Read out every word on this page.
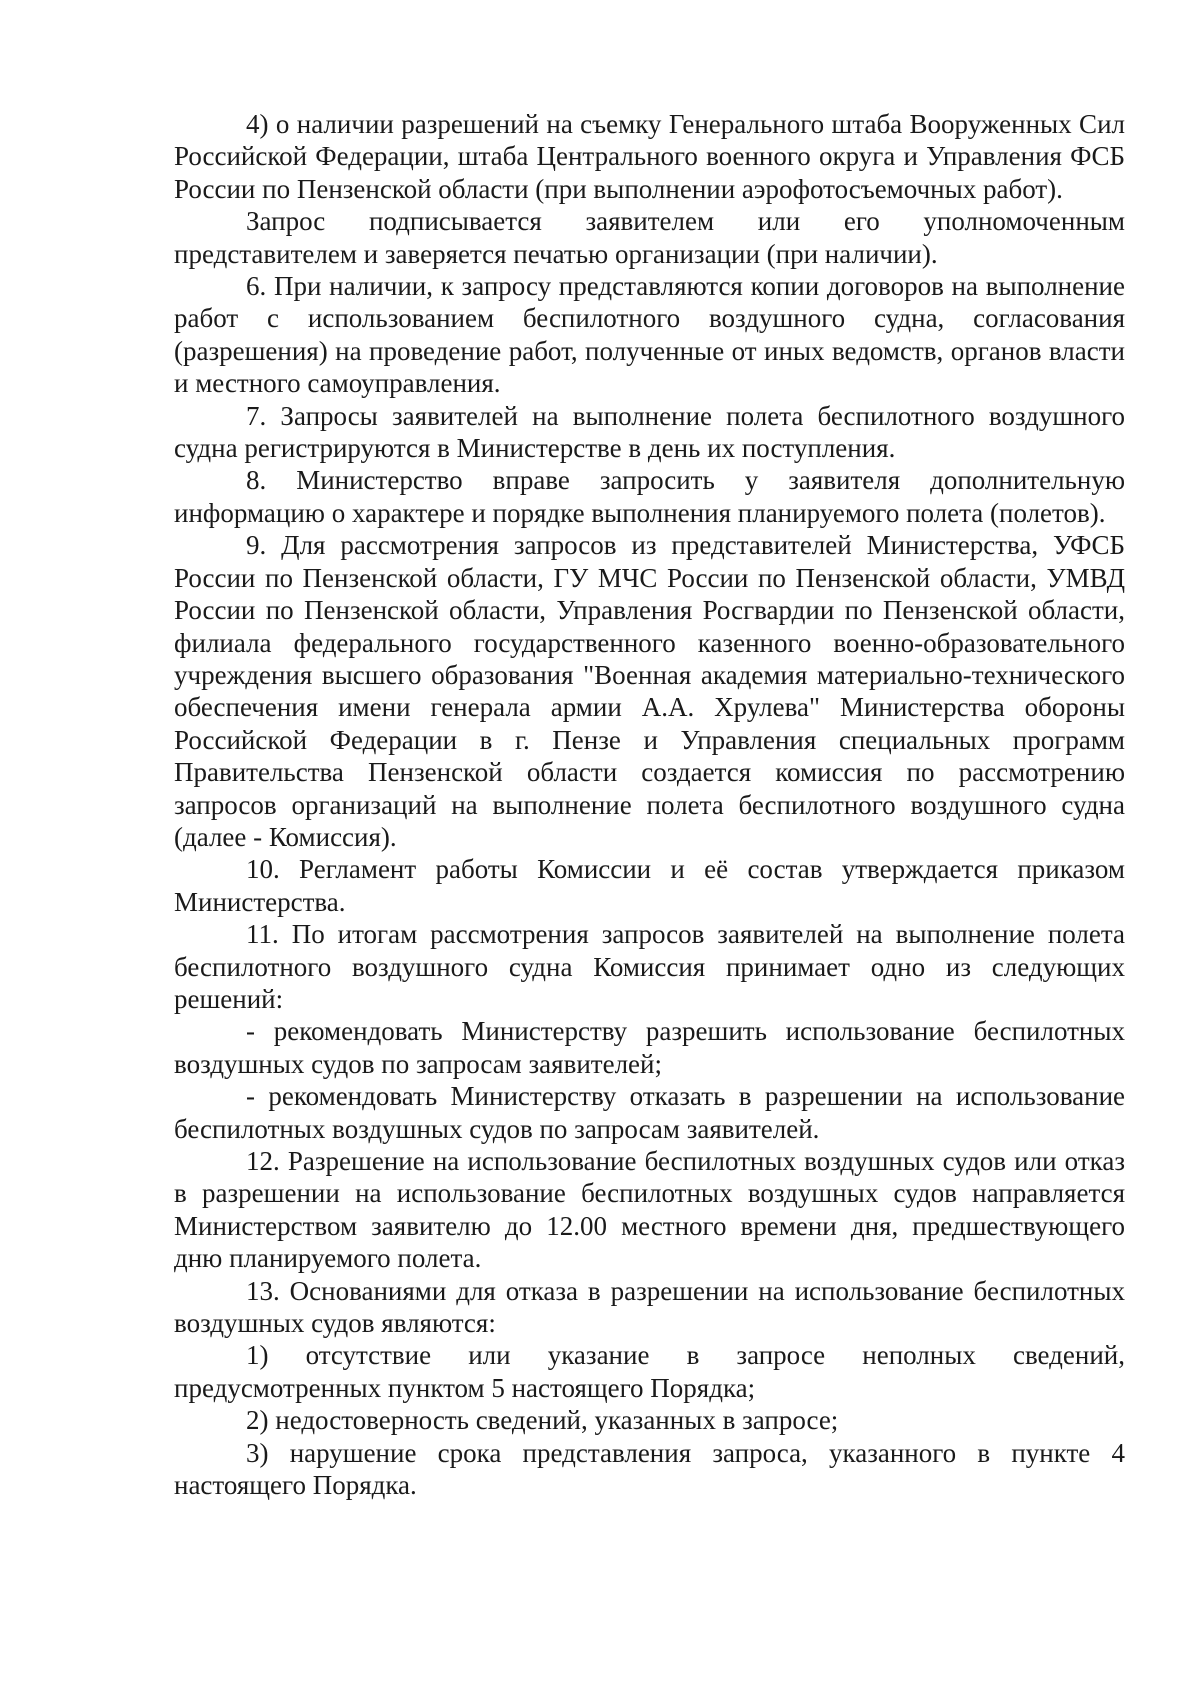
4) о наличии разрешений на съемку Генерального штаба Вооруженных Сил Российской Федерации, штаба Центрального военного округа и Управления ФСБ России по Пензенской области (при выполнении аэрофотосъемочных работ).

Запрос подписывается заявителем или его уполномоченным представителем и заверяется печатью организации (при наличии).

6. При наличии, к запросу представляются копии договоров на выполнение работ с использованием беспилотного воздушного судна, согласования (разрешения) на проведение работ, полученные от иных ведомств, органов власти и местного самоуправления.

7. Запросы заявителей на выполнение полета беспилотного воздушного судна регистрируются в Министерстве в день их поступления.

8. Министерство вправе запросить у заявителя дополнительную информацию о характере и порядке выполнения планируемого полета (полетов).

9. Для рассмотрения запросов из представителей Министерства, УФСБ России по Пензенской области, ГУ МЧС России по Пензенской области, УМВД России по Пензенской области, Управления Росгвардии по Пензенской области, филиала федерального государственного казенного военно-образовательного учреждения высшего образования "Военная академия материально-технического обеспечения имени генерала армии А.А. Хрулева" Министерства обороны Российской Федерации в г. Пензе и Управления специальных программ Правительства Пензенской области создается комиссия по рассмотрению запросов организаций на выполнение полета беспилотного воздушного судна (далее - Комиссия).

10. Регламент работы Комиссии и её состав утверждается приказом Министерства.

11. По итогам рассмотрения запросов заявителей на выполнение полета беспилотного воздушного судна Комиссия принимает одно из следующих решений:

- рекомендовать Министерству разрешить использование беспилотных воздушных судов по запросам заявителей;

- рекомендовать Министерству отказать в разрешении на использование беспилотных воздушных судов по запросам заявителей.

12. Разрешение на использование беспилотных воздушных судов или отказ в разрешении на использование беспилотных воздушных судов направляется Министерством заявителю до 12.00 местного времени дня, предшествующего дню планируемого полета.

13. Основаниями для отказа в разрешении на использование беспилотных воздушных судов являются:

1) отсутствие или указание в запросе неполных сведений, предусмотренных пунктом 5 настоящего Порядка;

2) недостоверность сведений, указанных в запросе;

3) нарушение срока представления запроса, указанного в пункте 4 настоящего Порядка.
